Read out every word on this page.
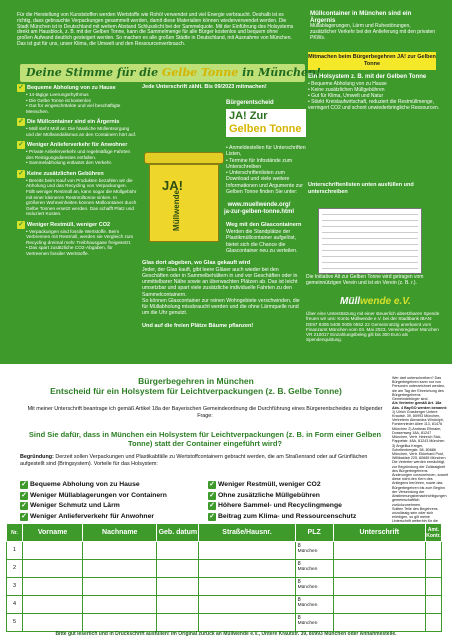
Für die Herstellung von Kunststoffen werden Wertstoffe wie Rohöl verwendet und viel Energie verbraucht. Deshalb ist es richtig, dass gebrauchte Verpackungen gesammelt werden, damit diese Materialien können wiederverwendet werden. Die Stadt München ist in Deutschland mit weitem Abstand Schlusslicht bei der Sammelquote. Mit der Einführung des Holsystems direkt am Hausblock, z. B. mit der Gelben Tonne, kann die Sammelmenge für alle Bürger kostenlos und bequem ohne großen Aufwand deutlich gesteigert werden. So machen es alle großen Städte in Deutschland, mit Ausnahme von München. Das ist gut für uns, unser Klima, die Umwelt und den Ressourcenverbrauch.
Müllcontainer in München sind ein Ärgernis
Müllablagerungen, Lärm und Ruhestörungen, zusätzlicher Verkehr bei der Anlieferung mit den privaten PKWs.
Mitmachen beim Bürgerbegehren JA! zur Gelben Tonne
Deine Stimme für die Gelbe Tonne in München!
Ein Holsystem z. B. mit der Gelben Tonne
• Bequeme Abholung von zu Hause
• Keine zusätzlichen Müllgebühren
• Gut für Klima, Umwelt und Natur
• Stärkt Kreislaufwirtschaft, reduziert die Restmüllmenge, verringert CO2 und schont unwiederbringliche Ressourcen.
✓ Bequeme Abholung von zu Hause
• 14-tägige Leerungsrhythmus
• Die Gelbe Tonne ist kostenlos
• Gut für eingeschränkte und viel beschäftigte Menschen.
✓ Die Müllcontainer sind ein Ärgernis
• Müll steht Müll an: Die hässliche Müllentsorgung und der Müllvandalismus an den Containern hört auf.
✓ Weniger Anlieferverkehr für Anwohner
• Private Anlieferverkehr und regelmäßige Fahrten des Reinigungsdienstes entfallen.
• Sammelabholung entlastet den Verkehr.
✓ Keine zusätzlichen Gebühren
• Bereits beim Kauf von Produkten bezahlen wir die Abholung und das Recycling von Verpackungen. Füllt weniger Restmüll an, kann sogar die Müllgebühr mit einer kleineren Restmülltonne sinken. In größeren Wohneinheiten können Müllcontainer durch Gelbe Tonnen ersetzt werden. Das schafft Platz und reduziert Kosten.
✓ Weniger Restmüll, weniger CO2
• Verpackungen sind fossile Wertstoffe. Beim Verbrennen mit Restmüll, werden sie Vergleich zum Recycling dreimal mehr Treibhausgase freigesetzt.
• Das spart zusätzliche CO2-Abgaben, für Vertreenen fossiler Wertstoffe.
Jede Unterschrift zählt. Bis 09/2023 mitmachen!
Bürgerentscheid
JA! Zur Gelben Tonne
• Anmeldestellen für Unterschriften Listen,
• Termine für Infostände zum Unterschreiben
• Unterschriftenlisten zum Download und viele weitere Informationen und Argumente zur Gelben Tonne finden Sie unter:
www.muellwende.org/
ja-zur-gelben-tonne.html
Weg mit den Glascontainern
Werden die Standplätze der Plastikmüllcontainer aufgelöst, bietet sich die Chance die Glascontainer neu zu verteilen.
Glas dort abgeben, wo Glas gekauft wird
Jeder, der Glas kauft, gibt leere Gläser auch wieder bei den Geschäften oder in Sammelbehältern in und vor Geschäften oder in unmittelbarer Nähe sowie an überwachten Plätzen ab. Das ist leicht umsetzbar und spart viele zusätzliche individuelle Fahrten zu den Sammelcontainern.
So können Glascontainer zur reinen Wohngebiete verschwinden, die für Müllabholung missbraucht werden und die ohne Lärmquelle rund um die Uhr genutzt.
Und auf die freien Plätze Bäume pflanzen!
JA!
Müllwende
Unterschriftenlisten unten ausfüllen und unterschreiben
Die Initiative Alt zur Gelben Tonne wird getragen vom gemeinnützigen Verein und ist ein Verein (z. B. r.).
Müllwende e.V.
Über eine Unterstützung mit einer steuerlich absetzbaren Spende freuen wir uns: Konto Müllwende e.V. bei der Stadtbank IBAN: DE97 8306 5408 0005 0552 22 Gemeinnützig anerkannt vom Finanzamt München vom 04. Mai 2023, Vereinsregister München VR 210017 Einzahlungsbeleg gilt bis 300 Euro als Spendenquittung.
Bürgerbegehren in München
Entscheid für ein Holsystem für Leichtverpackungen (z. B. Gelbe Tonne)
Mit meiner Unterschrift beantrage ich gemäß Artikel 18a der Bayerischen Gemeindeordnung die Durchführung eines Bürgerentscheides zu folgender Frage:
Sind Sie dafür, dass in München ein Holsystem für Leichtverpackungen (z. B. in Form einer Gelben Tonne) statt der Container eingeführt wird?
Begründung: Derzeit sollen Verpackungen und Plastikabfälle zu Wertstoffcontainern gebracht werden, die am Straßenrand oder auf Grünflächen aufgestellt sind (Bringsystem). Vorteile für das Holsystem:
✓ Bequeme Abholung von zu Hause	✓ Weniger Restmüll, weniger CO2
✓ Weniger Müllablagerungen vor Containern	✓ Ohne zusätzliche Müllgebühren
✓ Weniger Schmutz und Lärm	✓ Höhere Sammel- und Recyclingmenge
✓ Weniger Anlieferverkehr für Anwohner	✓ Beitrag zum Klima- und Ressourcenschutz
Wer darf unterschreiben? Das Bürgerbegehren kann nur von Personen unterzeichnet werden, die am Tag der Einreichung des Bürgerbegehrens Gemeindebürger sind.
Als Vertreter gemäß Art. 18a Abs. 4 BayGO werden benannt:
1) Ulrich Grasberger Untere Krautstr. 39, 80993 München, Vertreterin Alexandra Windolph, Forstenrieder Allee 113, 81476 München 2) Andreas Ellmaier, Dossenweg 18A, 81247 München, Vertr. Heinrich Sick, Pappelstr. 48A, 81243 München 3) Angelika Kreger, Schellenbergstr. 58, 80686 München, Vertr. Ekkehard Post, Willibaldstr 225, 80689 München
Die Vertreter werden ermächtigt, zur Begründung der Zulässigkeit des Bürgerbegehrens Änderungen vorzunehmen, soweit diese nicht den Kern des Anliegens berühren, sowie das Bürgerbegehren bis zum Beginn der Versendung der Abstimmungsbenachrichtigungen gemeinschaftlich zurückzunehmen.
Sollten Teile des Begehrens unzulässig sein oder sich erledigen, so gilt meine Unterschrift weiterhin für die
Nr.	Vorname	Nachname	Geb. datum	Straße/Hausnr.	PLZ	Unterschrift	Amt. Kontr.
1					8
München		

2					8
München		

3					8
München		

4					8
München		

5					8
München		

Bitte gut leserlich und in Druckschrift ausfüllen! Im Original zurück an Müllwende e.V., Untere Krautstr. 39, 80993 München oder Annahmestelle.
